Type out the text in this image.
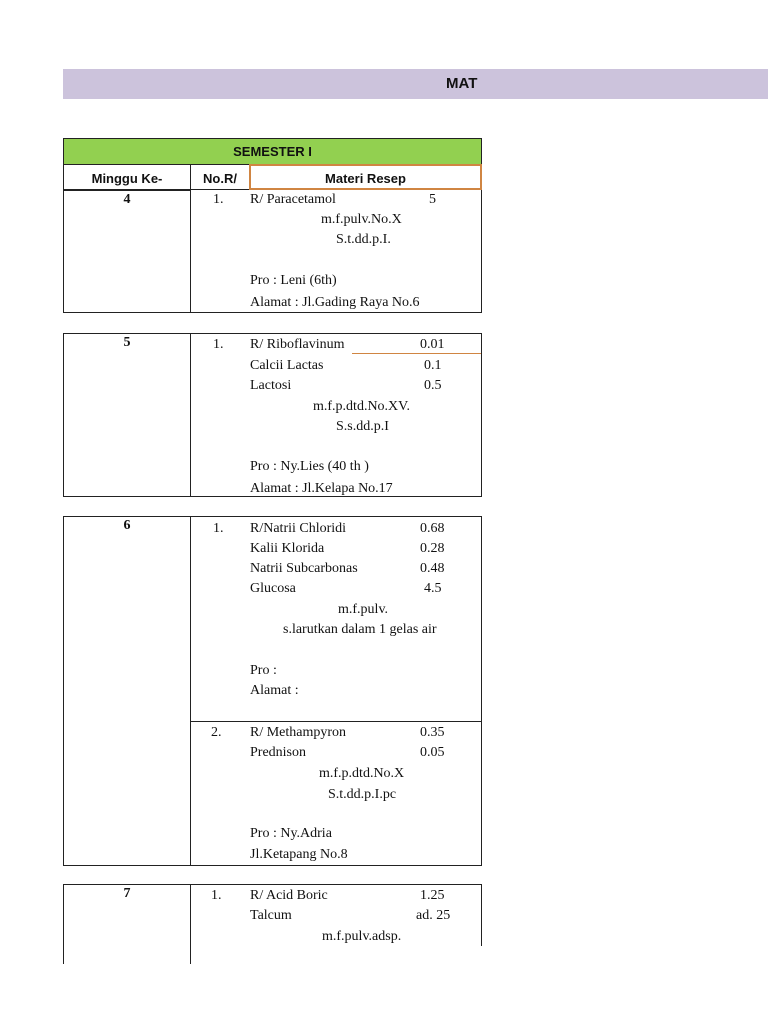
MAT
SEMESTER I
Minggu Ke-	No.R/	Materi Resep
4	1. R/ Paracetamol	5
m.f.pulv.No.X
S.t.dd.p.I.
Pro : Leni (6th)
Alamat : Jl.Gading Raya No.6
5	1. R/ Riboflavinum	0.01
Calcii Lactas	0.1
Lactosi	0.5
m.f.p.dtd.No.XV.
S.s.dd.p.I
Pro : Ny.Lies (40 th )
Alamat : Jl.Kelapa No.17
6	1. R/Natrii Chloridi	0.68
Kalii Klorida	0.28
Natrii Subcarbonas	0.48
Glucosa	4.5
m.f.pulv.
s.larutkan dalam 1 gelas air
Pro :
Alamat :
2. R/ Methampyron	0.35
Prednison	0.05
m.f.p.dtd.No.X
S.t.dd.p.I.pc
Pro : Ny.Adria
Jl.Ketapang No.8
7	1. R/ Acid Boric	1.25
Talcum	ad. 25
m.f.pulv.adsp.
